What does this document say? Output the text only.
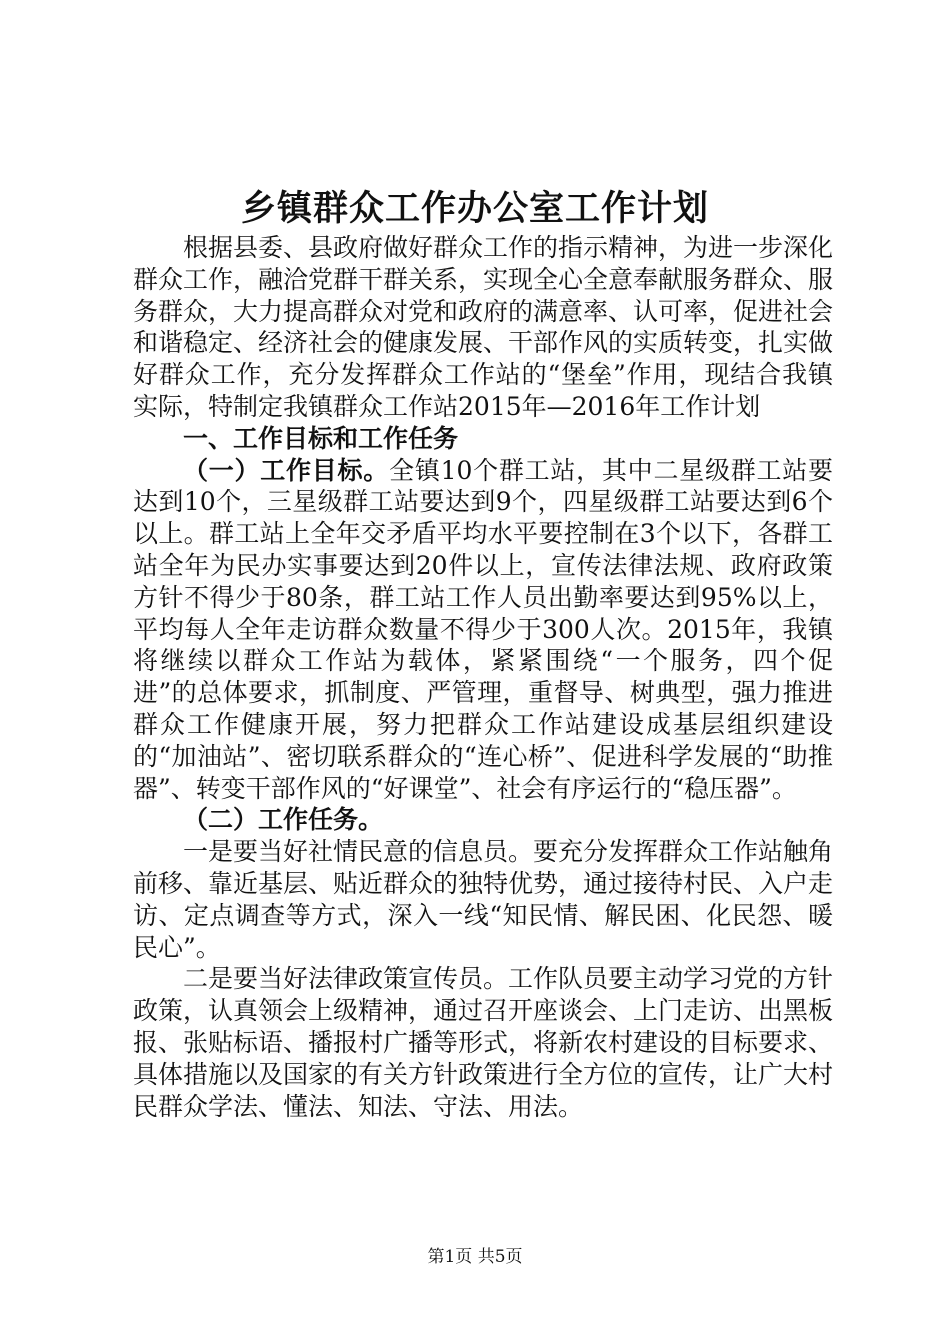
乡镇群众工作办公室工作计划

根据县委、县政府做好群众工作的指示精神，为进一步深化群众工作，融洽党群干群关系，实现全心全意奉献服务群众、服务群众，大力提高群众对党和政府的满意率、认可率，促进社会和谐稳定、经济社会的健康发展、干部作风的实质转变，扎实做好群众工作，充分发挥群众工作站的“堡垒”作用，现结合我镇实际，特制定我镇群众工作站2015年—2016年工作计划

一、工作目标和工作任务

（一）工作目标。全镇10个群工站，其中二星级群工站要达到10个，三星级群工站要达到9个，四星级群工站要达到6个以上。群工站上全年交矛盾平均水平要控制在3个以下，各群工站全年为民办实事要达到20件以上，宣传法律法规、政府政策方针不得少于80条，群工站工作人员出勤率要达到95%以上，平均每人全年走访群众数量不得少于300人次。2015年，我镇将继续以群众工作站为载体，紧紧围绕“一个服务，四个促进”的总体要求，抓制度、严管理，重督导、树典型，强力推进群众工作健康开展，努力把群众工作站建设成基层组织建设的“加油站”、密切联系群众的“连心桥”、促进科学发展的“助推器”、转变干部作风的“好课堂”、社会有序运行的“稳压器”。

（二）工作任务。

一是要当好社情民意的信息员。要充分发挥群众工作站触角前移、靠近基层、贴近群众的独特优势，通过接待村民、入户走访、定点调查等方式，深入一线“知民情、解民困、化民怨、暖民心”。

二是要当好法律政策宣传员。工作队员要主动学习党的方针政策，认真领会上级精神，通过召开座谈会、上门走访、出黑板报、张贴标语、播报村广播等形式，将新农村建设的目标要求、具体措施以及国家的有关方针政策进行全方位的宣传，让广大村民群众学法、懂法、知法、守法、用法。

第1页 共5页
